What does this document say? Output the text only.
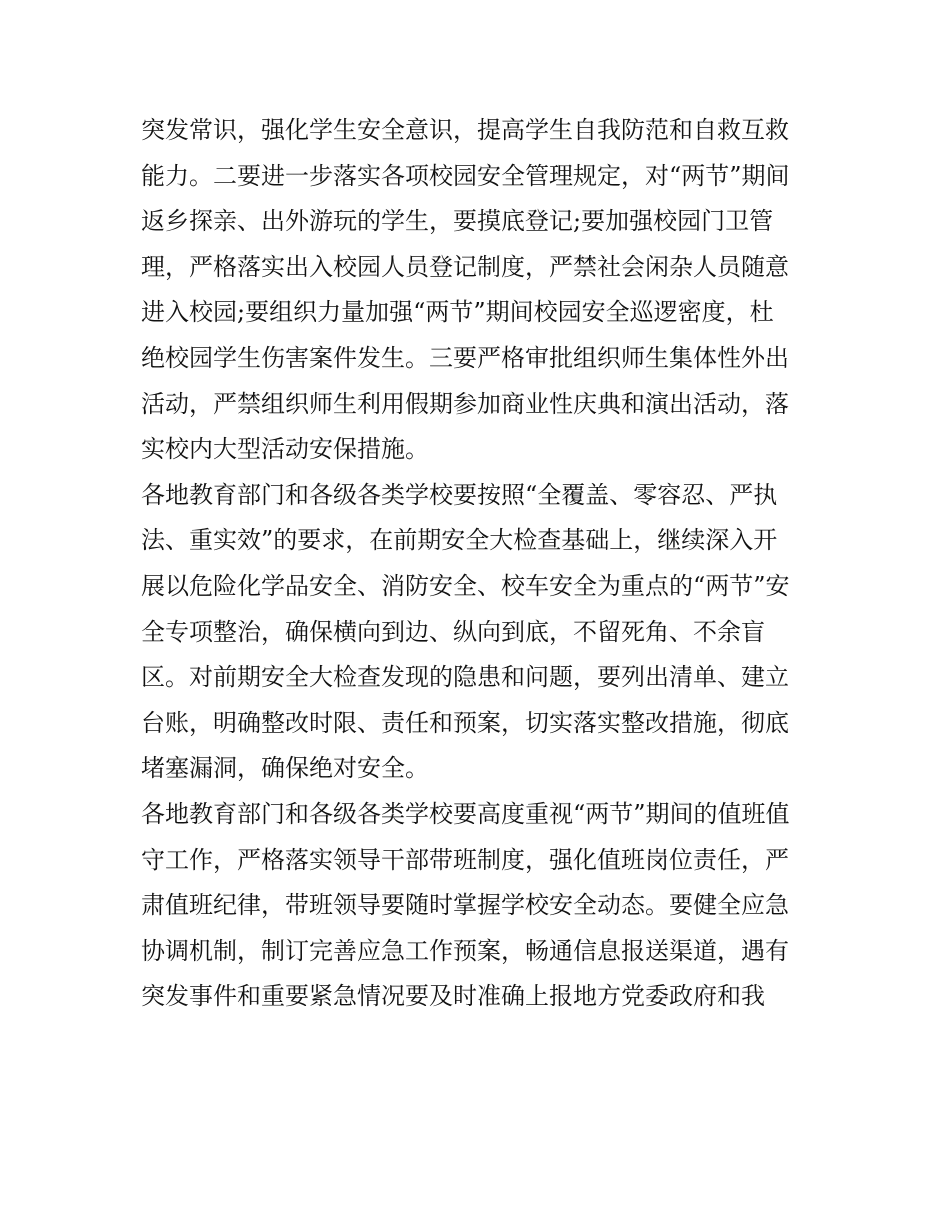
突发常识，强化学生安全意识，提高学生自我防范和自救互救
能力。二要进一步落实各项校园安全管理规定，对“两节”期间
返乡探亲、出外游玩的学生，要摸底登记;要加强校园门卫管
理，严格落实出入校园人员登记制度，严禁社会闲杂人员随意
进入校园;要组织力量加强“两节”期间校园安全巡逻密度，杜
绝校园学生伤害案件发生。三要严格审批组织师生集体性外出
活动，严禁组织师生利用假期参加商业性庆典和演出活动，落
实校内大型活动安保措施。
各地教育部门和各级各类学校要按照“全覆盖、零容忍、严执
法、重实效”的要求，在前期安全大检查基础上，继续深入开
展以危险化学品安全、消防安全、校车安全为重点的“两节”安
全专项整治，确保横向到边、纵向到底，不留死角、不余盲
区。对前期安全大检查发现的隐患和问题，要列出清单、建立
台账，明确整改时限、责任和预案，切实落实整改措施，彻底
堵塞漏洞，确保绝对安全。
各地教育部门和各级各类学校要高度重视“两节”期间的值班值
守工作，严格落实领导干部带班制度，强化值班岗位责任，严
肃值班纪律，带班领导要随时掌握学校安全动态。要健全应急
协调机制，制订完善应急工作预案，畅通信息报送渠道，遇有
突发事件和重要紧急情况要及时准确上报地方党委政府和我
